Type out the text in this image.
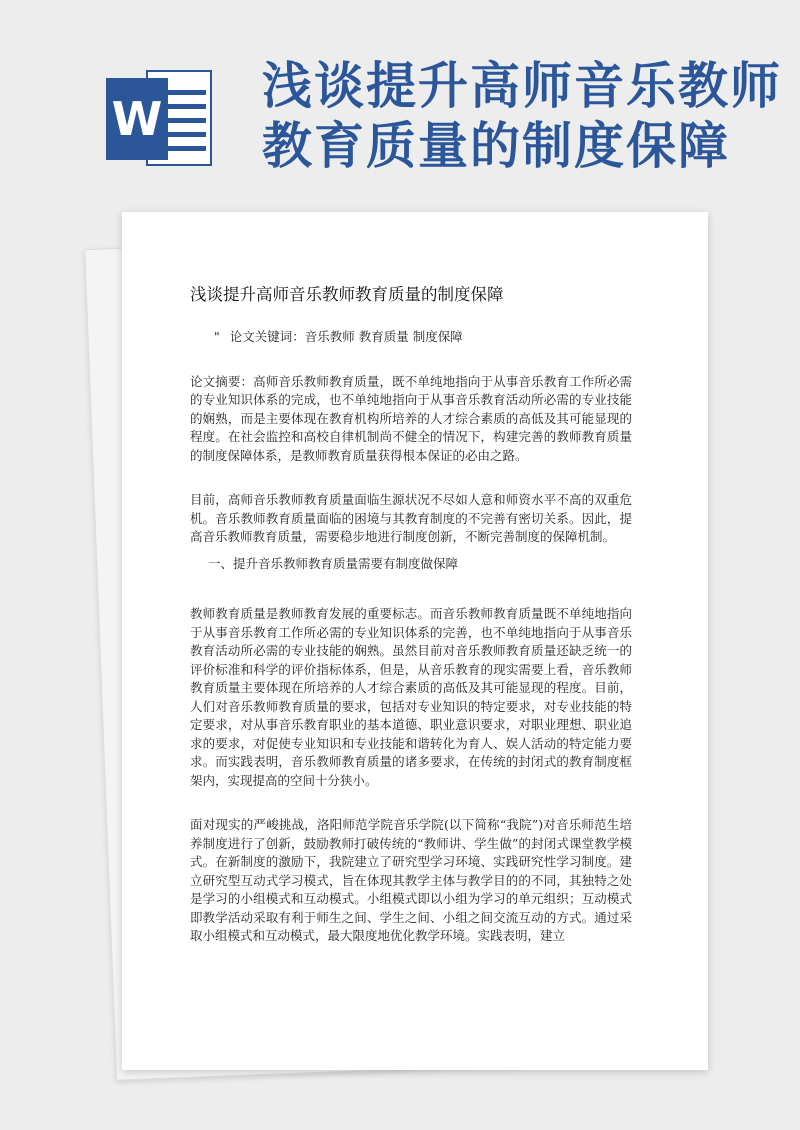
W
浅谈提升高师音乐教师
教育质量的制度保障
浅谈提升高师音乐教师教育质量的制度保障
" 论文关键词：音乐教师 教育质量 制度保障

论文摘要：高师音乐教师教育质量，既不单纯地指向于从事音乐教育工作所必需的专业知识体系的完成，也不单纯地指向于从事音乐教育活动所必需的专业技能的娴熟，而是主要体现在教育机构所培养的人才综合素质的高低及其可能显现的程度。在社会监控和高校自律机制尚不健全的情况下，构建完善的教师教育质量的制度保障体系，是教师教育质量获得根本保证的必由之路。

目前，高师音乐教师教育质量面临生源状况不尽如人意和师资水平不高的双重危机。音乐教师教育质量面临的困境与其教育制度的不完善有密切关系。因此，提高音乐教师教育质量，需要稳步地进行制度创新，不断完善制度的保障机制。

一、提升音乐教师教育质量需要有制度做保障

教师教育质量是教师教育发展的重要标志。而音乐教师教育质量既不单纯地指向于从事音乐教育工作所必需的专业知识体系的完善，也不单纯地指向于从事音乐教育活动所必需的专业技能的娴熟。虽然目前对音乐教师教育质量还缺乏统一的评价标准和科学的评价指标体系，但是，从音乐教育的现实需要上看，音乐教师教育质量主要体现在所培养的人才综合素质的高低及其可能显现的程度。目前，人们对音乐教师教育质量的要求，包括对专业知识的特定要求，对专业技能的特定要求，对从事音乐教育职业的基本道德、职业意识要求，对职业理想、职业追求的要求，对促使专业知识和专业技能和谐转化为育人、娱人活动的特定能力要求。而实践表明，音乐教师教育质量的诸多要求，在传统的封闭式的教育制度框架内，实现提高的空间十分狭小。

面对现实的严峻挑战，洛阳师范学院音乐学院(以下简称“我院”)对音乐师范生培养制度进行了创新，鼓励教师打破传统的“教师讲、学生做”的封闭式课堂教学模式。在新制度的激励下，我院建立了研究型学习环境、实践研究性学习制度。建立研究型互动式学习模式，旨在体现其教学主体与教学目的的不同，其独特之处是学习的小组模式和互动模式。小组模式即以小组为学习的单元组织；互动模式即教学活动采取有利于师生之间、学生之间、小组之间交流互动的方式。通过采取小组模式和互动模式，最大限度地优化教学环境。实践表明，建立
